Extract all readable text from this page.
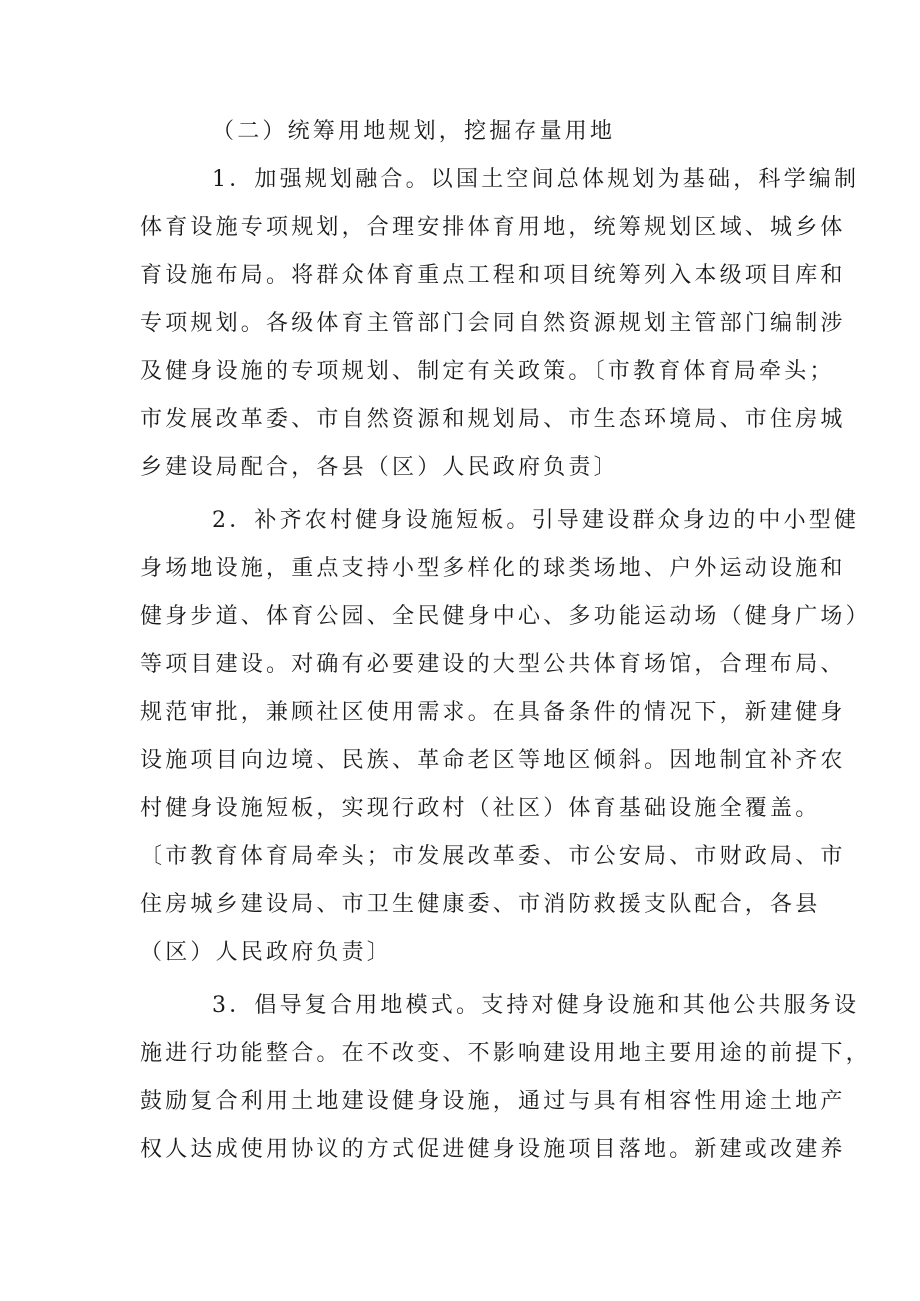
（二）统筹用地规划，挖掘存量用地
1．加强规划融合。以国土空间总体规划为基础，科学编制
体育设施专项规划，合理安排体育用地，统筹规划区域、城乡体
育设施布局。将群众体育重点工程和项目统筹列入本级项目库和
专项规划。各级体育主管部门会同自然资源规划主管部门编制涉
及健身设施的专项规划、制定有关政策。〔市教育体育局牵头；
市发展改革委、市自然资源和规划局、市生态环境局、市住房城
乡建设局配合，各县（区）人民政府负责〕
2．补齐农村健身设施短板。引导建设群众身边的中小型健
身场地设施，重点支持小型多样化的球类场地、户外运动设施和
健身步道、体育公园、全民健身中心、多功能运动场（健身广场）
等项目建设。对确有必要建设的大型公共体育场馆，合理布局、
规范审批，兼顾社区使用需求。在具备条件的情况下，新建健身
设施项目向边境、民族、革命老区等地区倾斜。因地制宜补齐农
村健身设施短板，实现行政村（社区）体育基础设施全覆盖。
〔市教育体育局牵头；市发展改革委、市公安局、市财政局、市
住房城乡建设局、市卫生健康委、市消防救援支队配合，各县
（区）人民政府负责〕
3．倡导复合用地模式。支持对健身设施和其他公共服务设
施进行功能整合。在不改变、不影响建设用地主要用途的前提下，
鼓励复合利用土地建设健身设施，通过与具有相容性用途土地产
权人达成使用协议的方式促进健身设施项目落地。新建或改建养
